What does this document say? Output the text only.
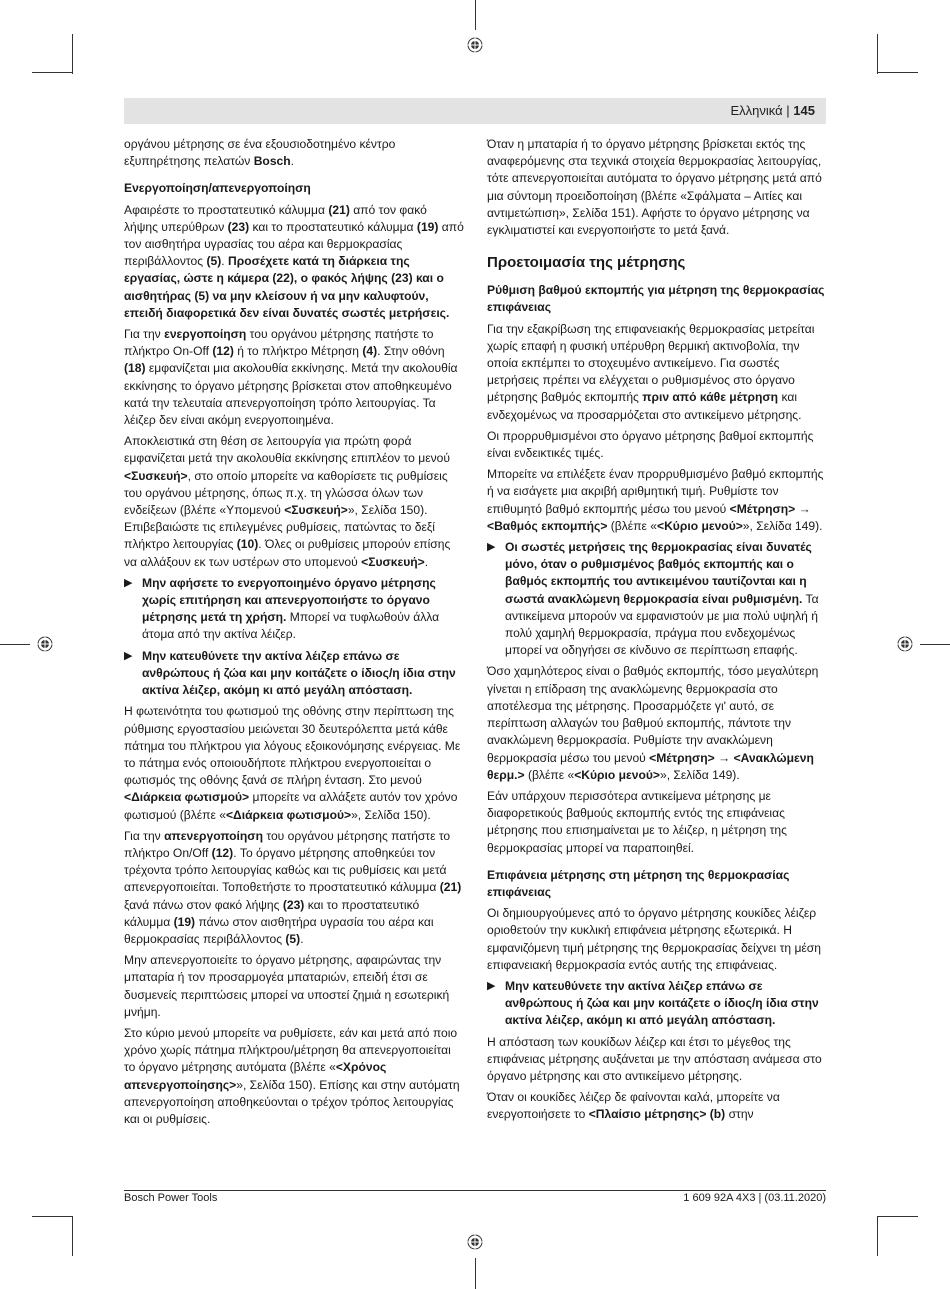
Ελληνικά | 145

οργάνου μέτρησης σε ένα εξουσιοδοτημένο κέντρο εξυπηρέτησης πελατών Bosch.

Ενεργοποίηση/απενεργοποίηση

Αφαιρέστε το προστατευτικό κάλυμμα (21) από τον φακό λήψης υπερύθρων (23) και το προστατευτικό κάλυμμα (19) από τον αισθητήρα υγρασίας του αέρα και θερμοκρασίας περιβάλλοντος (5). Προσέχετε κατά τη διάρκεια της εργασίας, ώστε η κάμερα (22), ο φακός λήψης (23) και ο αισθητήρας (5) να μην κλείσουν ή να μην καλυφτούν, επειδή διαφορετικά δεν είναι δυνατές σωστές μετρήσεις.

Για την ενεργοποίηση του οργάνου μέτρησης πατήστε το πλήκτρο On-Off (12) ή το πλήκτρο Μέτρηση (4). Στην οθόνη (18) εμφανίζεται μια ακολουθία εκκίνησης. Μετά την ακολουθία εκκίνησης το όργανο μέτρησης βρίσκεται στον αποθηκευμένο κατά την τελευταία απενεργοποίηση τρόπο λειτουργίας. Τα λέιζερ δεν είναι ακόμη ενεργοποιημένα.

Αποκλειστικά στη θέση σε λειτουργία για πρώτη φορά εμφανίζεται μετά την ακολουθία εκκίνησης επιπλέον το μενού <Συσκευή>, στο οποίο μπορείτε να καθορίσετε τις ρυθμίσεις του οργάνου μέτρησης, όπως π.χ. τη γλώσσα όλων των ενδείξεων (βλέπε «Υπομενού <Συσκευή>», Σελίδα 150). Επιβεβαιώστε τις επιλεγμένες ρυθμίσεις, πατώντας το δεξί πλήκτρο λειτουργίας (10). Όλες οι ρυθμίσεις μπορούν επίσης να αλλάξουν εκ των υστέρων στο υπομενού <Συσκευή>.

▶ Μην αφήσετε το ενεργοποιημένο όργανο μέτρησης χωρίς επιτήρηση και απενεργοποιήστε το όργανο μέτρησης μετά τη χρήση. Μπορεί να τυφλωθούν άλλα άτομα από την ακτίνα λέιζερ.
▶ Μην κατευθύνετε την ακτίνα λέιζερ επάνω σε ανθρώπους ή ζώα και μην κοιτάζετε ο ίδιος/η ίδια στην ακτίνα λέιζερ, ακόμη κι από μεγάλη απόσταση.

Η φωτεινότητα του φωτισμού της οθόνης στην περίπτωση της ρύθμισης εργοστασίου μειώνεται 30 δευτερόλεπτα μετά κάθε πάτημα του πλήκτρου για λόγους εξοικονόμησης ενέργειας. Με το πάτημα ενός οποιουδήποτε πλήκτρου ενεργοποιείται ο φωτισμός της οθόνης ξανά σε πλήρη ένταση. Στο μενού <Διάρκεια φωτισμού> μπορείτε να αλλάξετε αυτόν τον χρόνο φωτισμού (βλέπε «<Διάρκεια φωτισμού>», Σελίδα 150).

Για την απενεργοποίηση του οργάνου μέτρησης πατήστε το πλήκτρο On/Off (12). Το όργανο μέτρησης αποθηκεύει τον τρέχοντα τρόπο λειτουργίας καθώς και τις ρυθμίσεις και μετά απενεργοποιείται. Τοποθετήστε το προστατευτικό κάλυμμα (21) ξανά πάνω στον φακό λήψης (23) και το προστατευτικό κάλυμμα (19) πάνω στον αισθητήρα υγρασία του αέρα και θερμοκρασίας περιβάλλοντος (5).

Μην απενεργοποιείτε το όργανο μέτρησης, αφαιρώντας την μπαταρία ή τον προσαρμογέα μπαταριών, επειδή έτσι σε δυσμενείς περιπτώσεις μπορεί να υποστεί ζημιά η εσωτερική μνήμη.

Στο κύριο μενού μπορείτε να ρυθμίσετε, εάν και μετά από ποιο χρόνο χωρίς πάτημα πλήκτρου/μέτρηση θα απενεργοποιείται το όργανο μέτρησης αυτόματα (βλέπε «<Χρόνος απενεργοποίησης>», Σελίδα 150). Επίσης και στην αυτόματη απενεργοποίηση αποθηκεύονται ο τρέχον τρόπος λειτουργίας και οι ρυθμίσεις.

Όταν η μπαταρία ή το όργανο μέτρησης βρίσκεται εκτός της αναφερόμενης στα τεχνικά στοιχεία θερμοκρασίας λειτουργίας, τότε απενεργοποιείται αυτόματα το όργανο μέτρησης μετά από μια σύντομη προειδοποίηση (βλέπε «Σφάλματα – Αιτίες και αντιμετώπιση», Σελίδα 151). Αφήστε το όργανο μέτρησης να εγκλιματιστεί και ενεργοποιήστε το μετά ξανά.

Προετοιμασία της μέτρησης
Ρύθμιση βαθμού εκπομπής για μέτρηση της θερμοκρασίας επιφάνειας

Για την εξακρίβωση της επιφανειακής θερμοκρασίας μετρείται χωρίς επαφή η φυσική υπέρυθρη θερμική ακτινοβολία, την οποία εκπέμπει το στοχευμένο αντικείμενο. Για σωστές μετρήσεις πρέπει να ελέγχεται ο ρυθμισμένος στο όργανο μέτρησης βαθμός εκπομπής πριν από κάθε μέτρηση και ενδεχομένως να προσαρμόζεται στο αντικείμενο μέτρησης.

Οι προρρυθμισμένοι στο όργανο μέτρησης βαθμοί εκπομπής είναι ενδεικτικές τιμές.

Μπορείτε να επιλέξετε έναν προρρυθμισμένο βαθμό εκπομπής ή να εισάγετε μια ακριβή αριθμητική τιμή. Ρυθμίστε τον επιθυμητό βαθμό εκπομπής μέσω του μενού <Μέτρηση> → <Βαθμός εκπομπής> (βλέπε «<Κύριο μενού>», Σελίδα 149).

▶ Οι σωστές μετρήσεις της θερμοκρασίας είναι δυνατές μόνο, όταν ο ρυθμισμένος βαθμός εκπομπής και ο βαθμός εκπομπής του αντικειμένου ταυτίζονται και η σωστά ανακλώμενη θερμοκρασία είναι ρυθμισμένη. Τα αντικείμενα μπορούν να εμφανιστούν με μια πολύ υψηλή ή πολύ χαμηλή θερμοκρασία, πράγμα που ενδεχομένως μπορεί να οδηγήσει σε κίνδυνο σε περίπτωση επαφής.

Όσο χαμηλότερος είναι ο βαθμός εκπομπής, τόσο μεγαλύτερη γίνεται η επίδραση της ανακλώμενης θερμοκρασία στο αποτέλεσμα της μέτρησης. Προσαρμόζετε γι' αυτό, σε περίπτωση αλλαγών του βαθμού εκπομπής, πάντοτε την ανακλώμενη θερμοκρασία. Ρυθμίστε την ανακλώμενη θερμοκρασία μέσω του μενού <Μέτρηση> → <Ανακλώμενη θερμ.> (βλέπε «<Κύριο μενού>», Σελίδα 149).

Εάν υπάρχουν περισσότερα αντικείμενα μέτρησης με διαφορετικούς βαθμούς εκπομπής εντός της επιφάνειας μέτρησης που επισημαίνεται με το λέιζερ, η μέτρηση της θερμοκρασίας μπορεί να παραποιηθεί.

Επιφάνεια μέτρησης στη μέτρηση της θερμοκρασίας επιφάνειας

Οι δημιουργούμενες από το όργανο μέτρησης κουκίδες λέιζερ οριοθετούν την κυκλική επιφάνεια μέτρησης εξωτερικά. Η εμφανιζόμενη τιμή μέτρησης της θερμοκρασίας δείχνει τη μέση επιφανειακή θερμοκρασία εντός αυτής της επιφάνειας.

▶ Μην κατευθύνετε την ακτίνα λέιζερ επάνω σε ανθρώπους ή ζώα και μην κοιτάζετε ο ίδιος/η ίδια στην ακτίνα λέιζερ, ακόμη κι από μεγάλη απόσταση.

Η απόσταση των κουκίδων λέιζερ και έτσι το μέγεθος της επιφάνειας μέτρησης αυξάνεται με την απόσταση ανάμεσα στο όργανο μέτρησης και στο αντικείμενο μέτρησης.

Όταν οι κουκίδες λέιζερ δε φαίνονται καλά, μπορείτε να ενεργοποιήσετε το <Πλαίσιο μέτρησης> (b) στην

Bosch Power Tools	1 609 92A 4X3 | (03.11.2020)
